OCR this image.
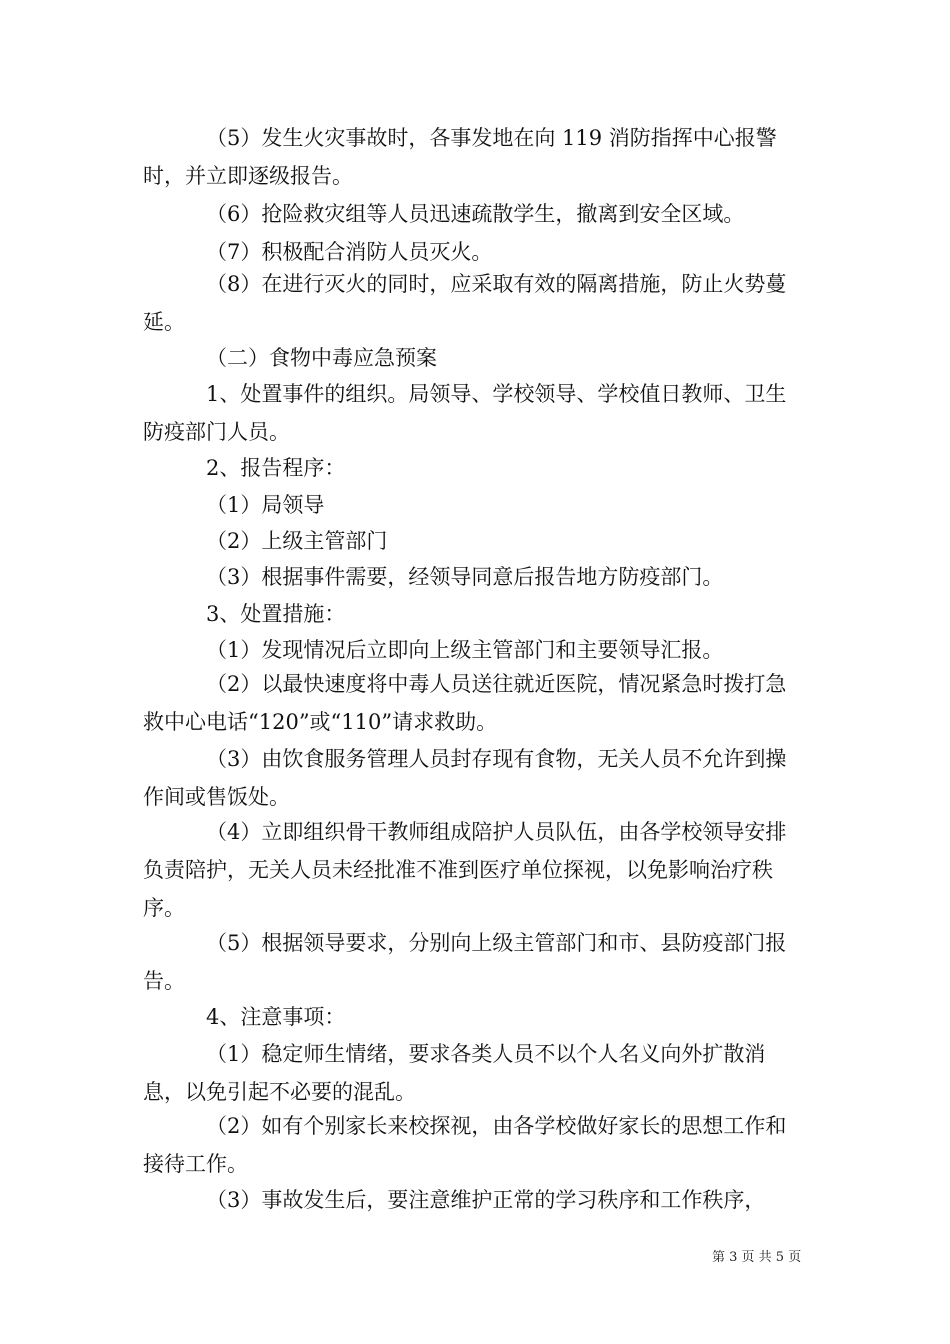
（5）发生火灾事故时，各事发地在向 119 消防指挥中心报警时，并立即逐级报告。

（6）抢险救灾组等人员迅速疏散学生，撤离到安全区域。

（7）积极配合消防人员灭火。

（8）在进行灭火的同时，应采取有效的隔离措施，防止火势蔓延。

（二）食物中毒应急预案

1、处置事件的组织。局领导、学校领导、学校值日教师、卫生防疫部门人员。

2、报告程序：

（1）局领导

（2）上级主管部门

（3）根据事件需要，经领导同意后报告地方防疫部门。

3、处置措施：

（1）发现情况后立即向上级主管部门和主要领导汇报。

（2）以最快速度将中毒人员送往就近医院，情况紧急时拨打急救中心电话“120”或“110”请求救助。

（3）由饮食服务管理人员封存现有食物，无关人员不允许到操作间或售饭处。

（4）立即组织骨干教师组成陪护人员队伍，由各学校领导安排负责陪护，无关人员未经批准不准到医疗单位探视，以免影响治疗秩序。

（5）根据领导要求，分别向上级主管部门和市、县防疫部门报告。

4、注意事项：

（1）稳定师生情绪，要求各类人员不以个人名义向外扩散消息，以免引起不必要的混乱。

（2）如有个别家长来校探视，由各学校做好家长的思想工作和接待工作。

（3）事故发生后，要注意维护正常的学习秩序和工作秩序，

第 3 页 共 5 页
